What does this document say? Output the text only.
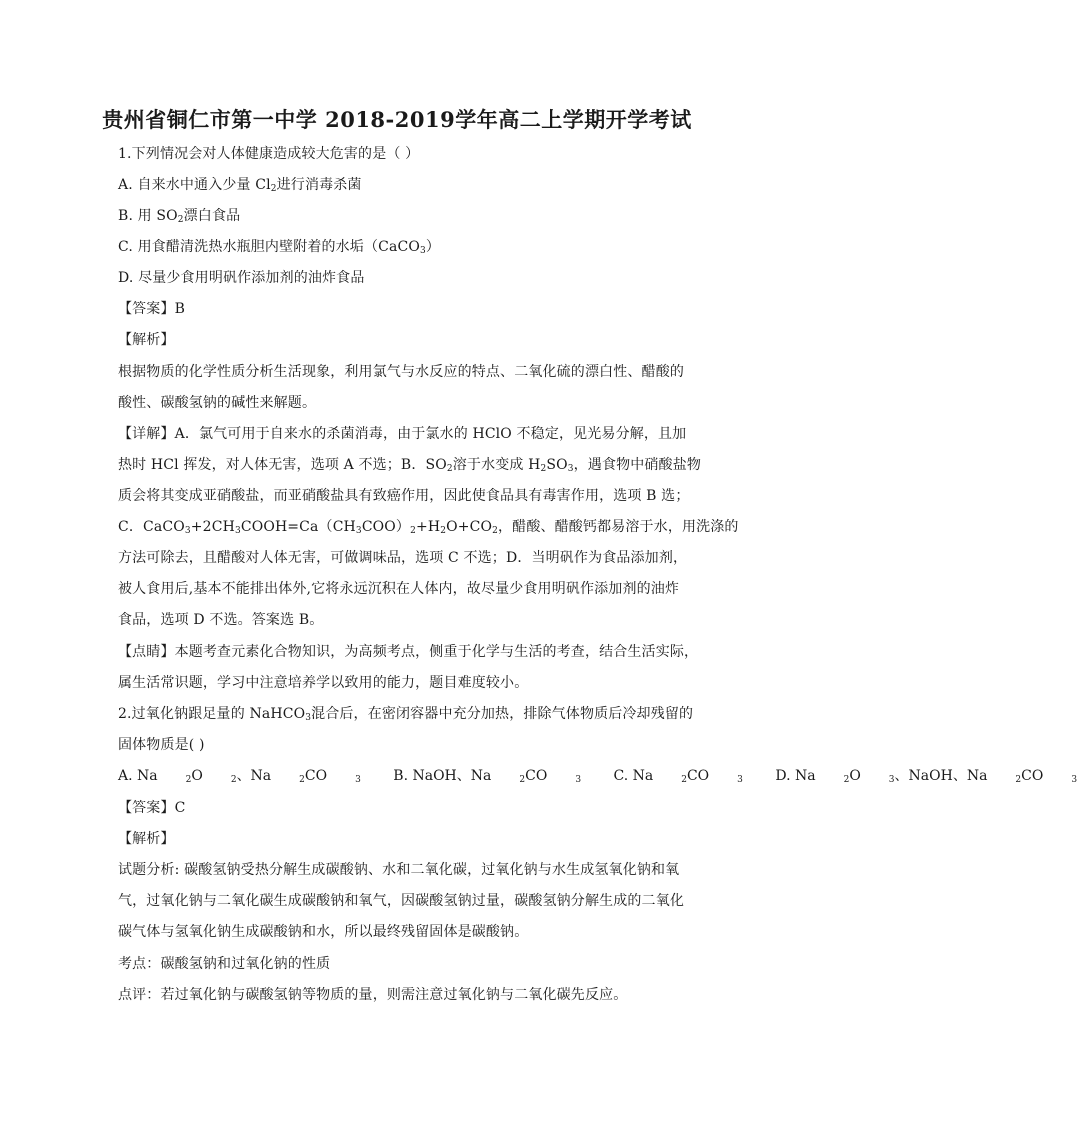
贵州省铜仁市第一中学 2018-2019学年高二上学期开学考试
1.下列情况会对人体健康造成较大危害的是（ ）
A. 自来水中通入少量 $Cl_2$进行消毒杀菌
B. 用 $SO_2$漂白食品
C. 用食醋清洗热水瓶胆内壁附着的水垢（CaCO$_3$）
D. 尽量少食用明矾作添加剂的油炸食品
【答案】B
【解析】
根据物质的化学性质分析生活现象，利用氯气与水反应的特点、二氧化硫的漂白性、醋酸的
酸性、碳酸氢钠的碱性来解题。
【详解】A．氯气可用于自来水的杀菌消毒，由于氯水的 HClO 不稳定，见光易分解，且加
热时 HCl 挥发，对人体无害，选项 A 不选；B．$SO_2$溶于水变成 $H_2SO_3$，遇食物中硝酸盐物
质会将其变成亚硝酸盐，而亚硝酸盐具有致癌作用，因此使食品具有毒害作用，选项 B 选；
C．$CaCO_3+2CH_3COOH=Ca(CH_3COO)_2+H_2O+CO_2$，醋酸、醋酸钙都易溶于水，用洗涤的
方法可除去，且醋酸对人体无害，可做调味品，选项 C 不选；D．当明矾作为食品添加剂，
被人食用后,基本不能排出体外,它将永远沉积在人体内，故尽量少食用明矾作添加剂的油炸
食品，选项 D 不选。答案选 B。
【点睛】本题考查元素化合物知识，为高频考点，侧重于化学与生活的考查，结合生活实际，
属生活常识题，学习中注意培养学以致用的能力，题目难度较小。
2.过氧化钠跟足量的 NaHCO$_3$混合后，在密闭容器中充分加热，排除气体物质后冷却残留的
固体物质是( )
A. Na	$_2$O	$_2$、Na	$_2$CO	$_3$ B. NaOH、Na	$_2$CO	$_3$ C. Na	$_2$CO	$_3$ D. Na	$_2$O	$_3$、NaOH、Na	$_2$CO	$_3$
【答案】C
【解析】
试题分析: 碳酸氢钠受热分解生成碳酸钠、水和二氧化碳，过氧化钠与水生成氢氧化钠和氧
气，过氧化钠与二氧化碳生成碳酸钠和氧气，因碳酸氢钠过量，碳酸氢钠分解生成的二氧化
碳气体与氢氧化钠生成碳酸钠和水，所以最终残留固体是碳酸钠。
考点：碳酸氢钠和过氧化钠的性质
点评：若过氧化钠与碳酸氢钠等物质的量，则需注意过氧化钠与二氧化碳先反应。
